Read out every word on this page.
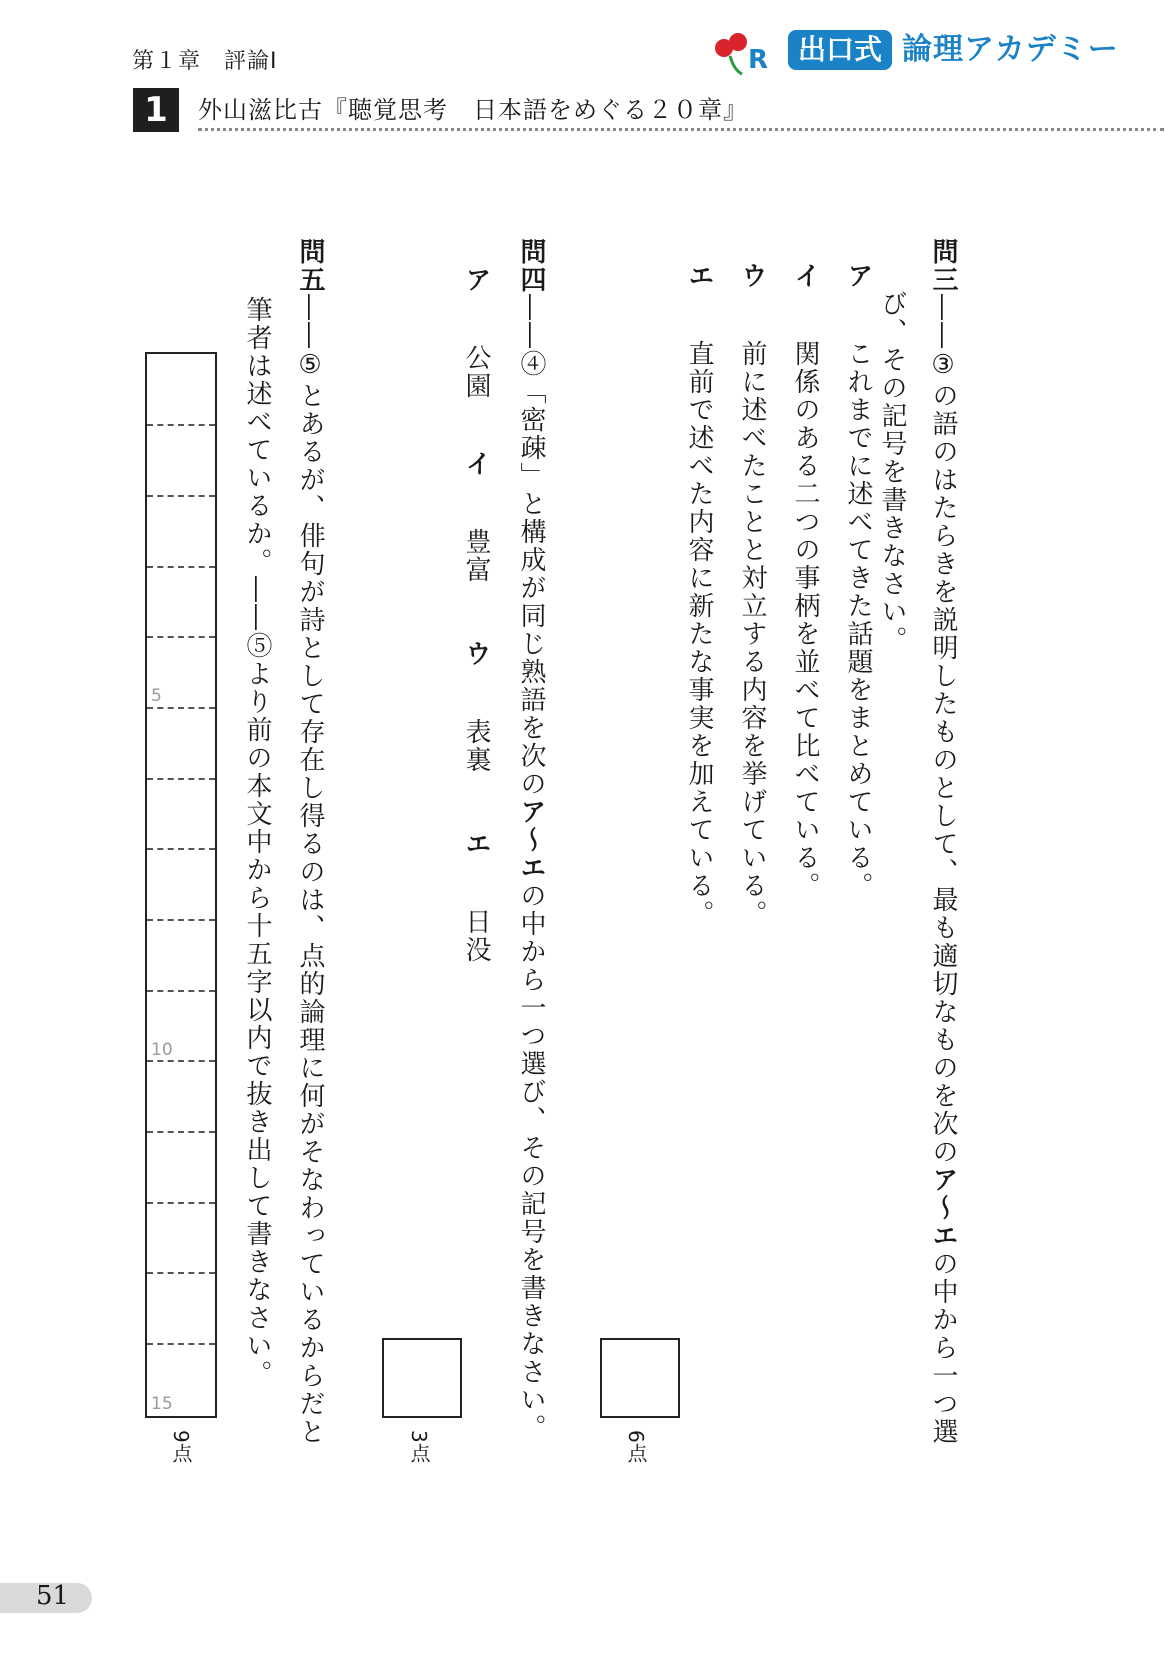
第１章　評論Ⅰ
1	外山滋比古『聴覚思考　日本語をめぐる２０章』
R	出口式 論理アカデミー
問三――③の語のはたらきを説明したものとして、最も適切なものを次のア～エの中から一つ選
び、その記号を書きなさい。
アこれまでに述べてきた話題をまとめている。
イ関係のある二つの事柄を並べて比べている。
ウ前に述べたことと対立する内容を挙げている。
エ直前で述べた内容に新たな事実を加えている。
6点
問四――④「密疎」と構成が同じ熟語を次のア～エの中から一つ選び、その記号を書きなさい。
ア公園
イ豊富
ウ表裏
エ日没
3点
問五――⑤とあるが、俳句が詩として存在し得るのは、点的論理に何がそなわっているからだと
筆者は述べているか。――⑤より前の本文中から十五字以内で抜き出して書きなさい。
5
10
15
9点
51
